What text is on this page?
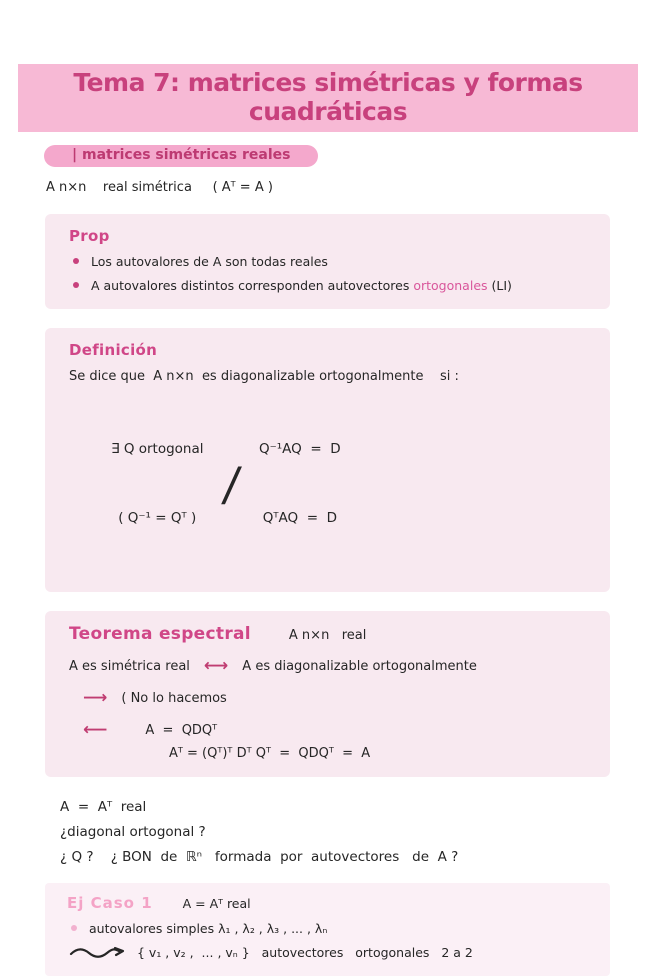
Tema 7: matrices simétricas y formas cuadráticas
| matrices simétricas reales
A n×n    real simétrica     ( Aᵀ = A )
Prop
Los autovalores de A son todas reales
A autovalores distintos corresponden autovectores ortogonales (LI)
Definición
Se dice que  A n×n  es diagonalizable ortogonalmente    si :

∃ Q ortogonal

( Q⁻¹ = Qᵀ )

/

Q⁻¹AQ  =  D

QᵀAQ  =  D

Teorema espectral	A n×n   real
A es simétrica real ⟷ A es diagonalizable ortogonalmente
⟶ ( No lo hacemos
⟵	A  =  QDQᵀ
Aᵀ = (Qᵀ)ᵀ Dᵀ Qᵀ  =  QDQᵀ  =  A
A  =  Aᵀ  real
¿diagonal ortogonal ?
¿ Q ?    ¿ BON  de  ℝⁿ   formada  por  autovectores   de  A ?
Ej Caso 1 A = Aᵀ real
autovalores simples λ₁ , λ₂ , λ₃ , ... , λₙ
{ v₁ , v₂ ,  ... , vₙ }   autovectores   ortogonales   2 a 2
